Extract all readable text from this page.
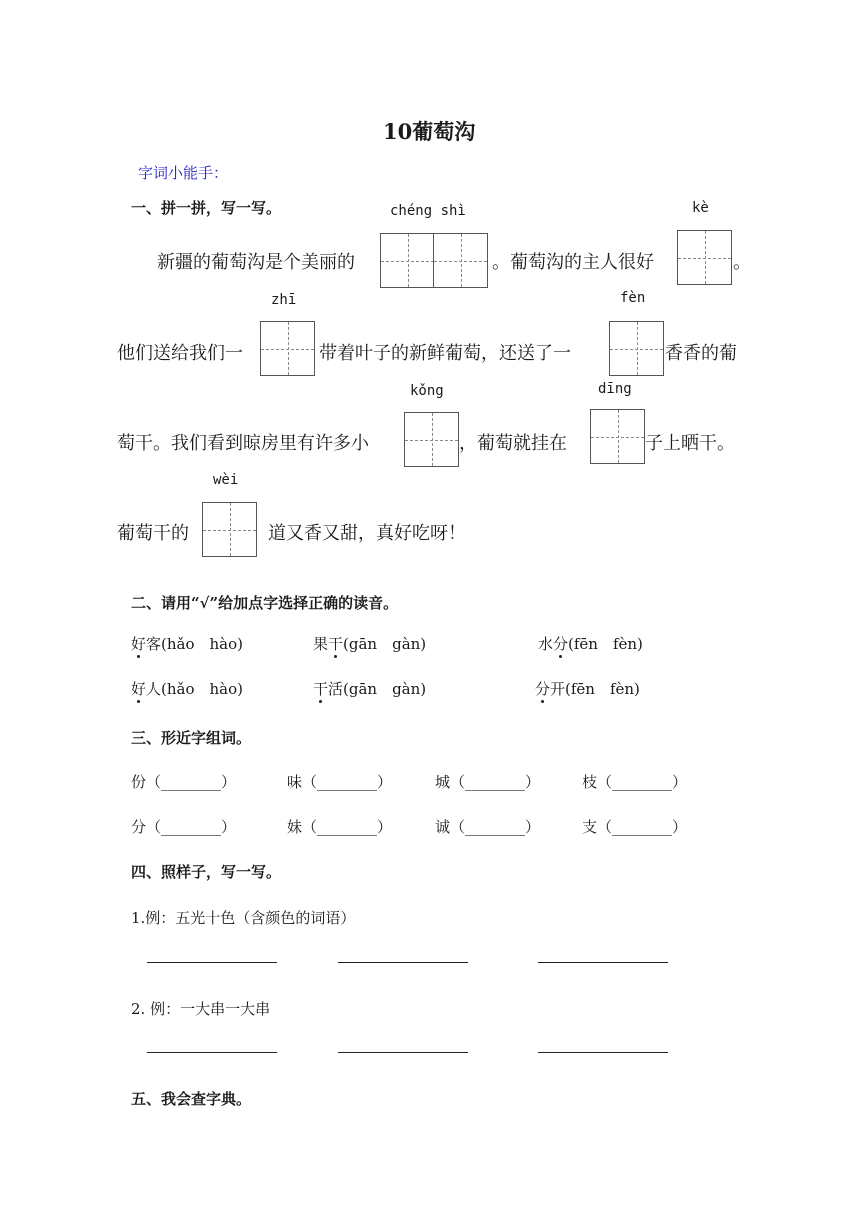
10葡萄沟
字词小能手：
一、拼一拼，写一写。	chéng shì	kè
新疆的葡萄沟是个美丽的	。葡萄沟的主人很好	。
zhī	fèn
他们送给我们一	带着叶子的新鲜葡萄，还送了一	香香的葡
kǒng	dīng
萄干。我们看到晾房里有许多小	，葡萄就挂在	子上晒干。
wèi
葡萄干的	道又香又甜，真好吃呀！
二、请用“√”给加点字选择正确的读音。
好客(hǎo　hào)	果干(gān　gàn)	水分(fēn　fèn)
好人(hǎo　hào)	干活(gān　gàn)	分开(fēn　fèn)
三、形近字组词。
份（________）	味（________）	城（________）	枝（________）
分（________）	妹（________）	诚（________）	支（________）
四、照样子，写一写。
1.例：五光十色（含颜色的词语）
2. 例：一大串一大串
五、我会查字典。
